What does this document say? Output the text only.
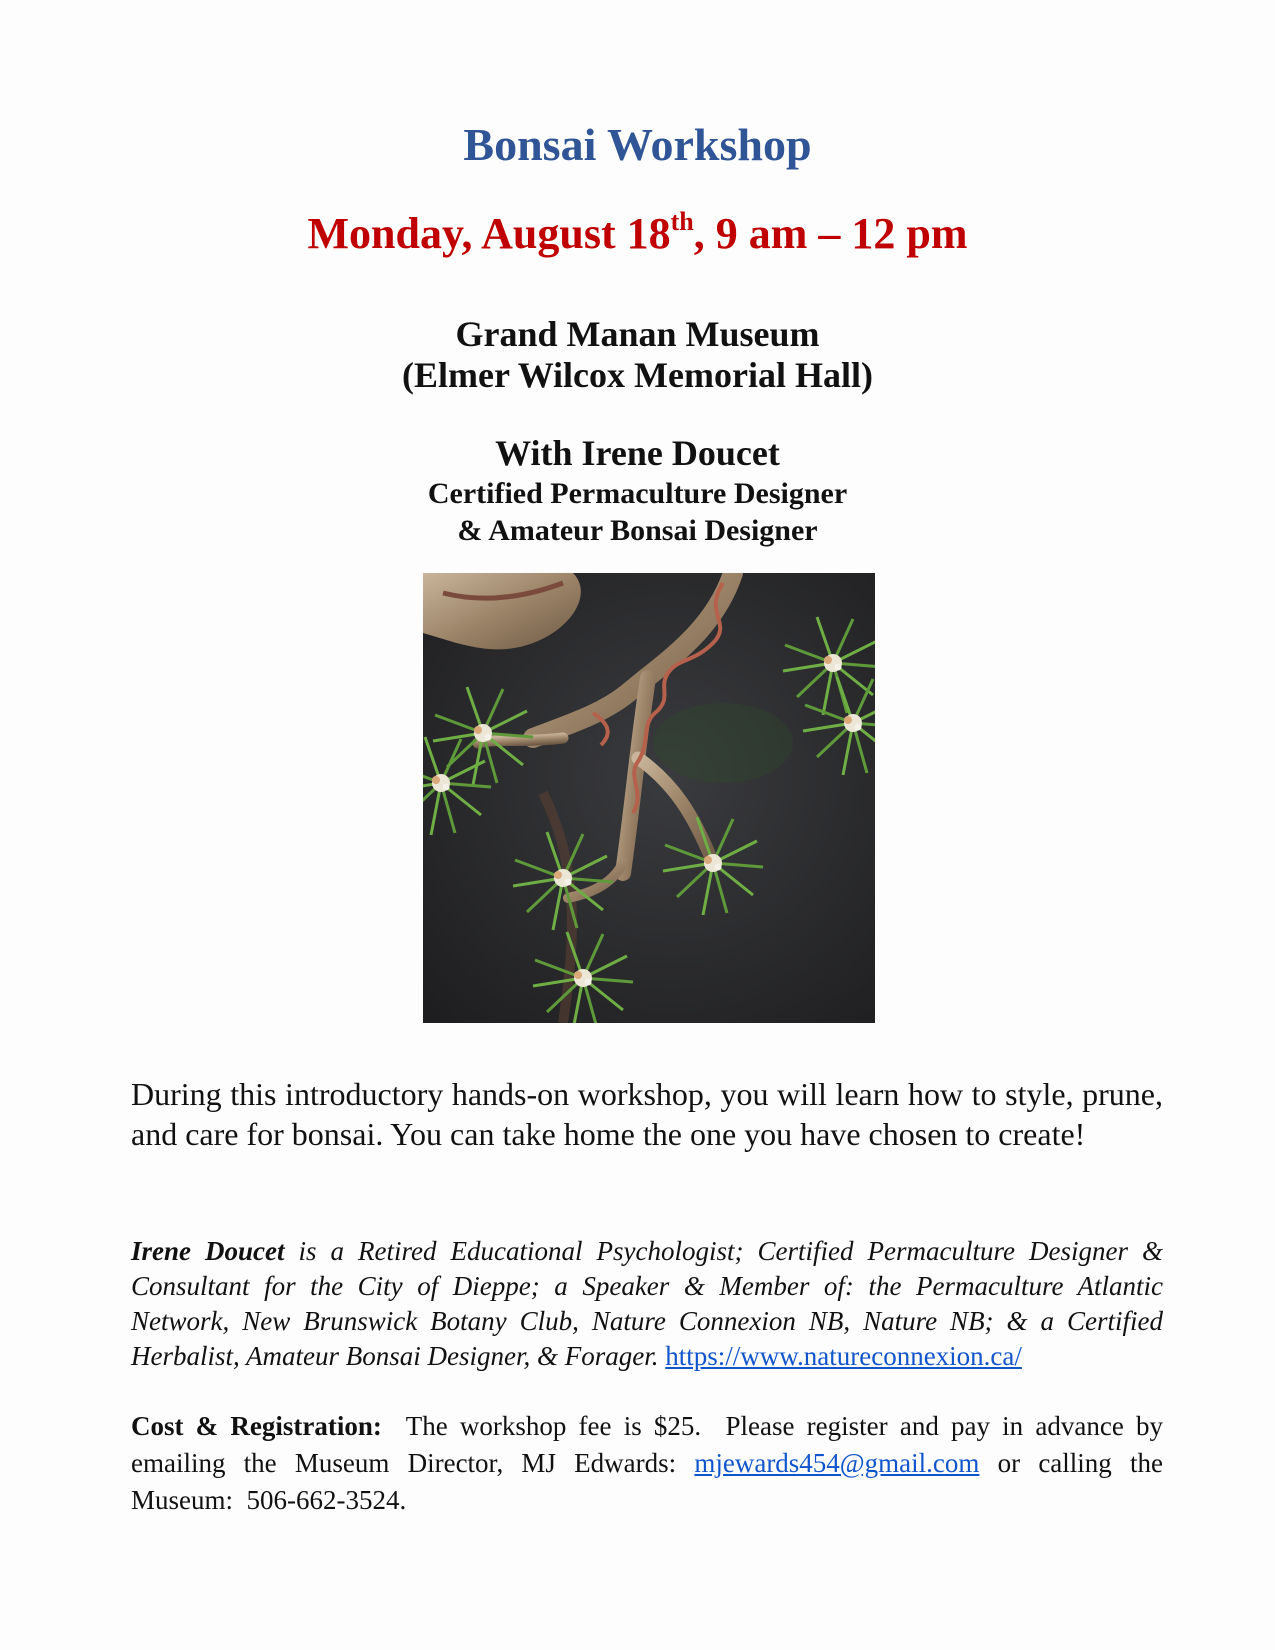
Bonsai Workshop
Monday, August 18th, 9 am – 12 pm
Grand Manan Museum
(Elmer Wilcox Memorial Hall)
With Irene Doucet
Certified Permaculture Designer
& Amateur Bonsai Designer
During this introductory hands-on workshop, you will learn how to style, prune, and care for bonsai. You can take home the one you have chosen to create!
Irene Doucet is a Retired Educational Psychologist; Certified Permaculture Designer & Consultant for the City of Dieppe; a Speaker & Member of: the Permaculture Atlantic Network, New Brunswick Botany Club, Nature Connexion NB, Nature NB; & a Certified Herbalist, Amateur Bonsai Designer, & Forager. https://www.natureconnexion.ca/
Cost & Registration:  The workshop fee is $25.  Please register and pay in advance by emailing the Museum Director, MJ Edwards: mjewards454@gmail.com or calling the Museum:  506-662-3524.
